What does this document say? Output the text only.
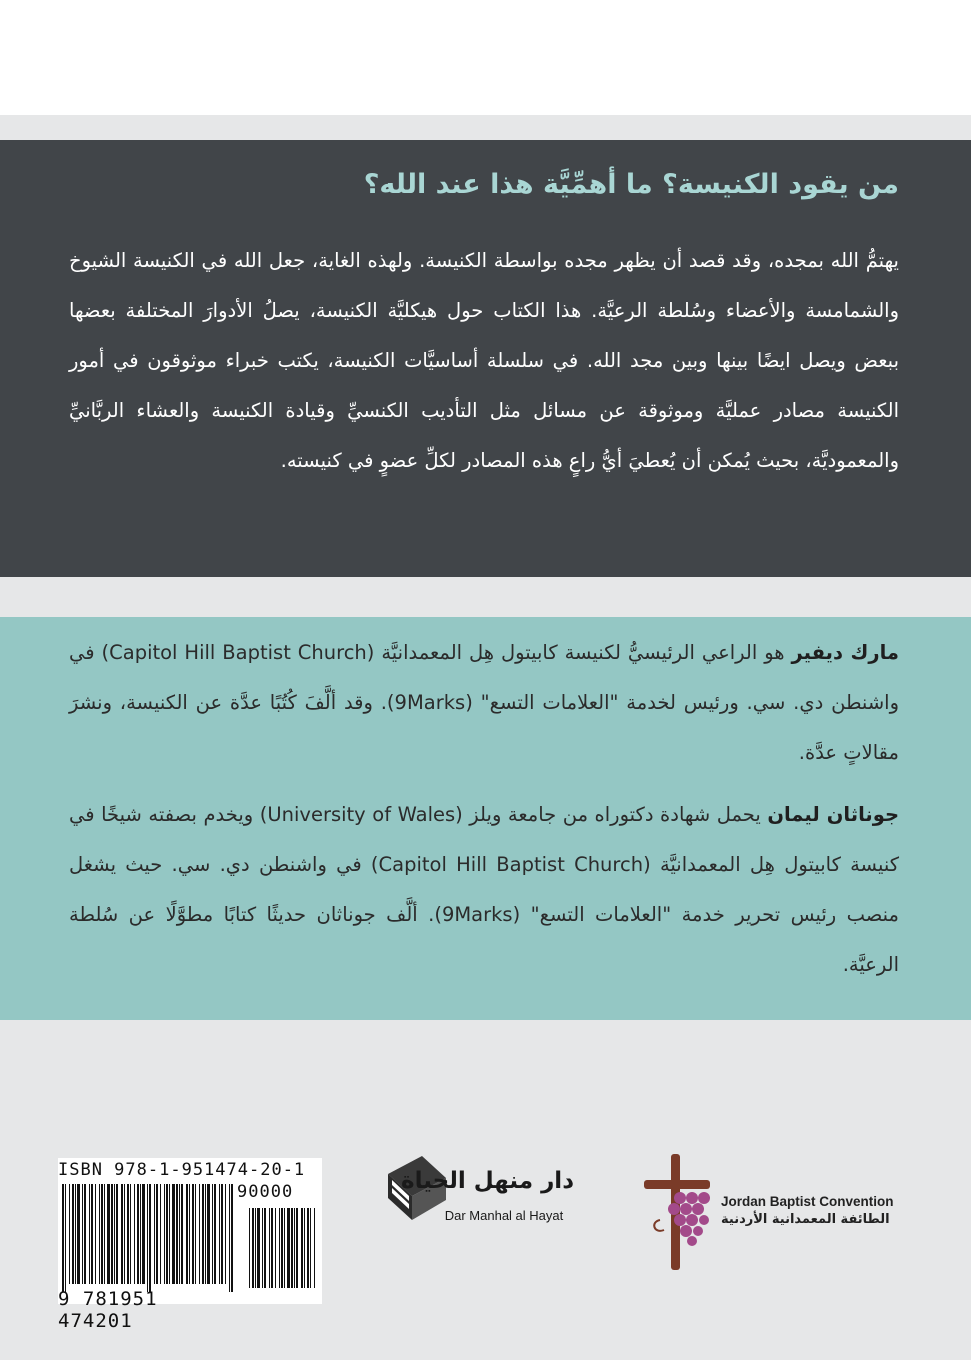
من يقود الكنيسة؟ ما أهمِّيَّة هذا عند الله؟

يهتمُّ الله بمجده، وقد قصد أن يظهر مجده بواسطة الكنيسة. ولهذه الغاية، جعل الله في الكنيسة الشيوخ والشمامسة والأعضاء وسُلطة الرعيَّة. هذا الكتاب حول هيكليَّة الكنيسة، يصلُ الأدوارَ المختلفة بعضها ببعض ويصل ايضًا بينها وبين مجد الله. في سلسلة أساسيَّات الكنيسة، يكتب خبراء موثوقون في أمور الكنيسة مصادر عمليَّة وموثوقة عن مسائل مثل التأديب الكنسيِّ وقيادة الكنيسة والعشاء الربَّانيِّ والمعموديَّة، بحيث يُمكن أن يُعطيَ أيُّ راعٍ هذه المصادر لكلِّ عضوٍ في كنيسته.

مارك ديفير هو الراعي الرئيسيُّ لكنيسة كابيتول هِل المعمدانيَّة (Capitol Hill Baptist Church) في واشنطن دي. سي. ورئيس لخدمة "العلامات التسع" (9Marks). وقد ألَّفَ كُتُبًا عدَّة عن الكنيسة، ونشرَ مقالاتٍ عدَّة.

جوناثان ليمان يحمل شهادة دكتوراه من جامعة ويلز (University of Wales) ويخدم بصفته شيخًا في كنيسة كابيتول هِل المعمدانيَّة (Capitol Hill Baptist Church) في واشنطن دي. سي. حيث يشغل منصب رئيس تحرير خدمة "العلامات التسع" (9Marks). ألَّف جوناثان حديثًا كتابًا مطوَّلًا عن سُلطة الرعيَّة.

ISBN 978-1-951474-20-1

90000

9 781951 474201

دار منهل الحياة

Dar Manhal al Hayat

Jordan Baptist Convention

الطائفة المعمدانية الأردنية
